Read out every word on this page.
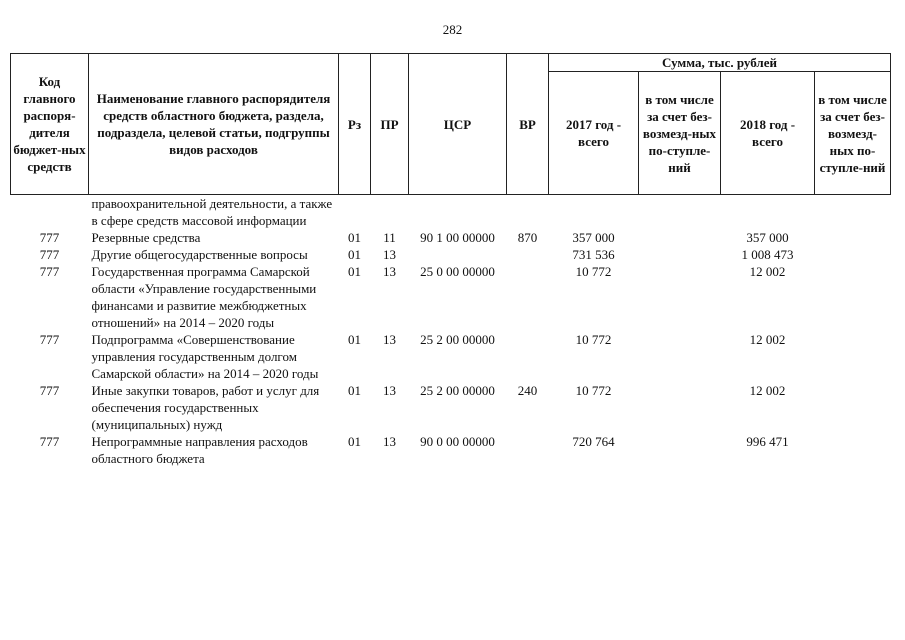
282
Код главного распоря-дителя бюджет-ных средств	Наименование главного распорядителя средств областного бюджета, раздела, подраздела, целевой статьи, подгруппы видов расходов	Рз	ПР	ЦСР	ВР	Сумма, тыс. рублей			
						2017 год - всего	в том числе за счет без-возмезд-ных по-ступле-ний	2018 год - всего	в том числе за счет без-возмезд-ных по-ступле-ний
	правоохранительной деятельности, а также в сфере средств массовой информации								
777	Резервные средства	01	11	90 1 00 00000	870	357 000		357 000	
777	Другие общегосударственные вопросы	01	13			731 536		1 008 473	
777	Государственная программа Самарской области «Управление государственными финансами и развитие межбюджетных отношений» на 2014 – 2020 годы	01	13	25 0 00 00000		10 772		12 002	
777	Подпрограмма «Совершенствование управления государственным долгом Самарской области» на 2014 – 2020 годы	01	13	25 2 00 00000		10 772		12 002	
777	Иные закупки товаров, работ и услуг для обеспечения государственных (муниципальных) нужд	01	13	25 2 00 00000	240	10 772		12 002	
777	Непрограммные направления расходов областного бюджета	01	13	90 0 00 00000		720 764		996 471	
